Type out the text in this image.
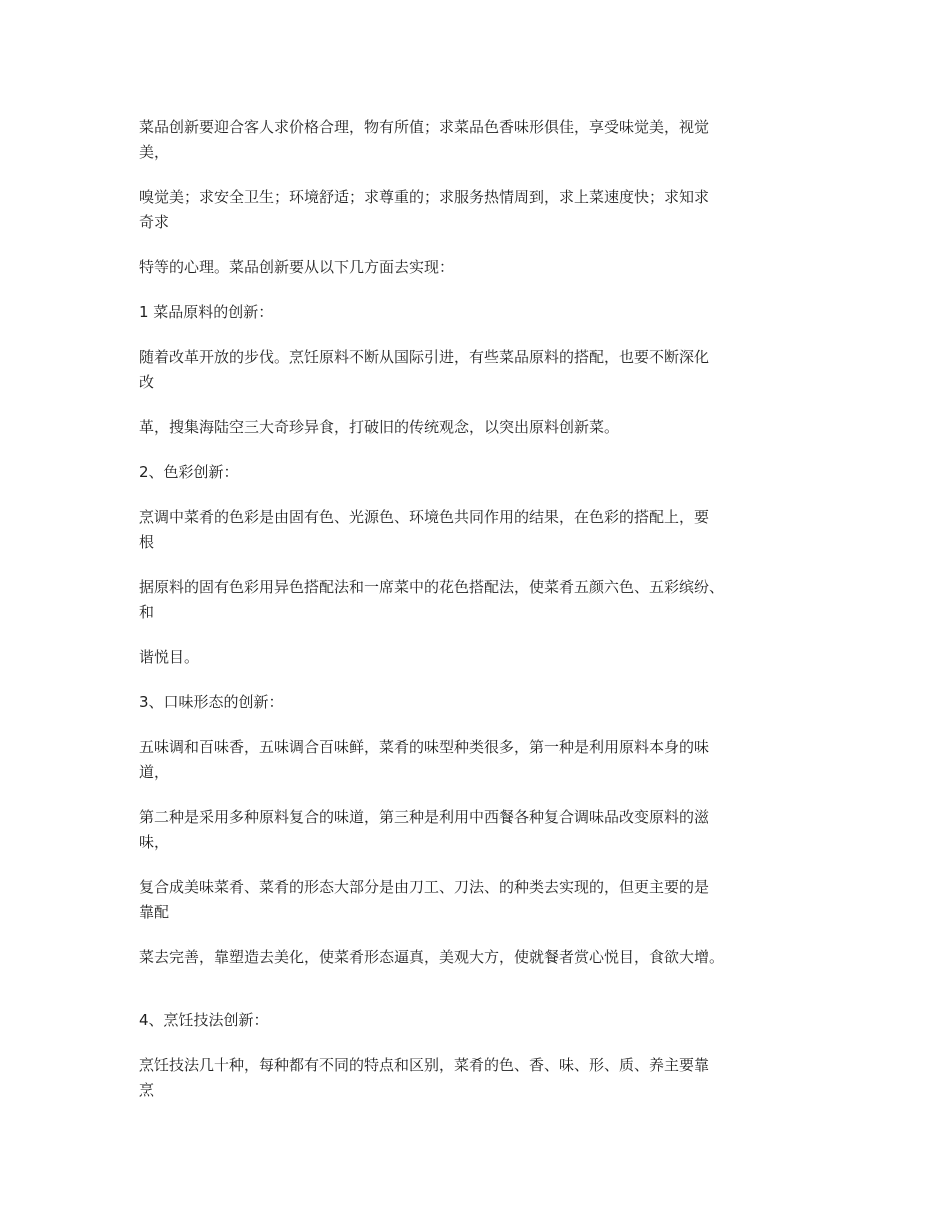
菜品创新要迎合客人求价格合理，物有所值；求菜品色香味形俱佳，享受味觉美，视觉
美，

嗅觉美；求安全卫生；环境舒适；求尊重的；求服务热情周到，求上菜速度快；求知求
奇求

特等的心理。菜品创新要从以下几方面去实现：

1 菜品原料的创新：

随着改革开放的步伐。烹饪原料不断从国际引进，有些菜品原料的搭配，也要不断深化
改

革，搜集海陆空三大奇珍异食，打破旧的传统观念，以突出原料创新菜。

2、色彩创新：

烹调中菜肴的色彩是由固有色、光源色、环境色共同作用的结果，在色彩的搭配上，要
根

据原料的固有色彩用异色搭配法和一席菜中的花色搭配法，使菜肴五颜六色、五彩缤纷、
和

谐悦目。

3、口味形态的创新：

五味调和百味香，五味调合百味鲜，菜肴的味型种类很多，第一种是利用原料本身的味
道，

第二种是采用多种原料复合的味道，第三种是利用中西餐各种复合调味品改变原料的滋
味，

复合成美味菜肴、菜肴的形态大部分是由刀工、刀法、的种类去实现的，但更主要的是
靠配

菜去完善，靠塑造去美化，使菜肴形态逼真，美观大方，使就餐者赏心悦目，食欲大增。

4、烹饪技法创新：

烹饪技法几十种，每种都有不同的特点和区别，菜肴的色、香、味、形、质、养主要靠
烹
